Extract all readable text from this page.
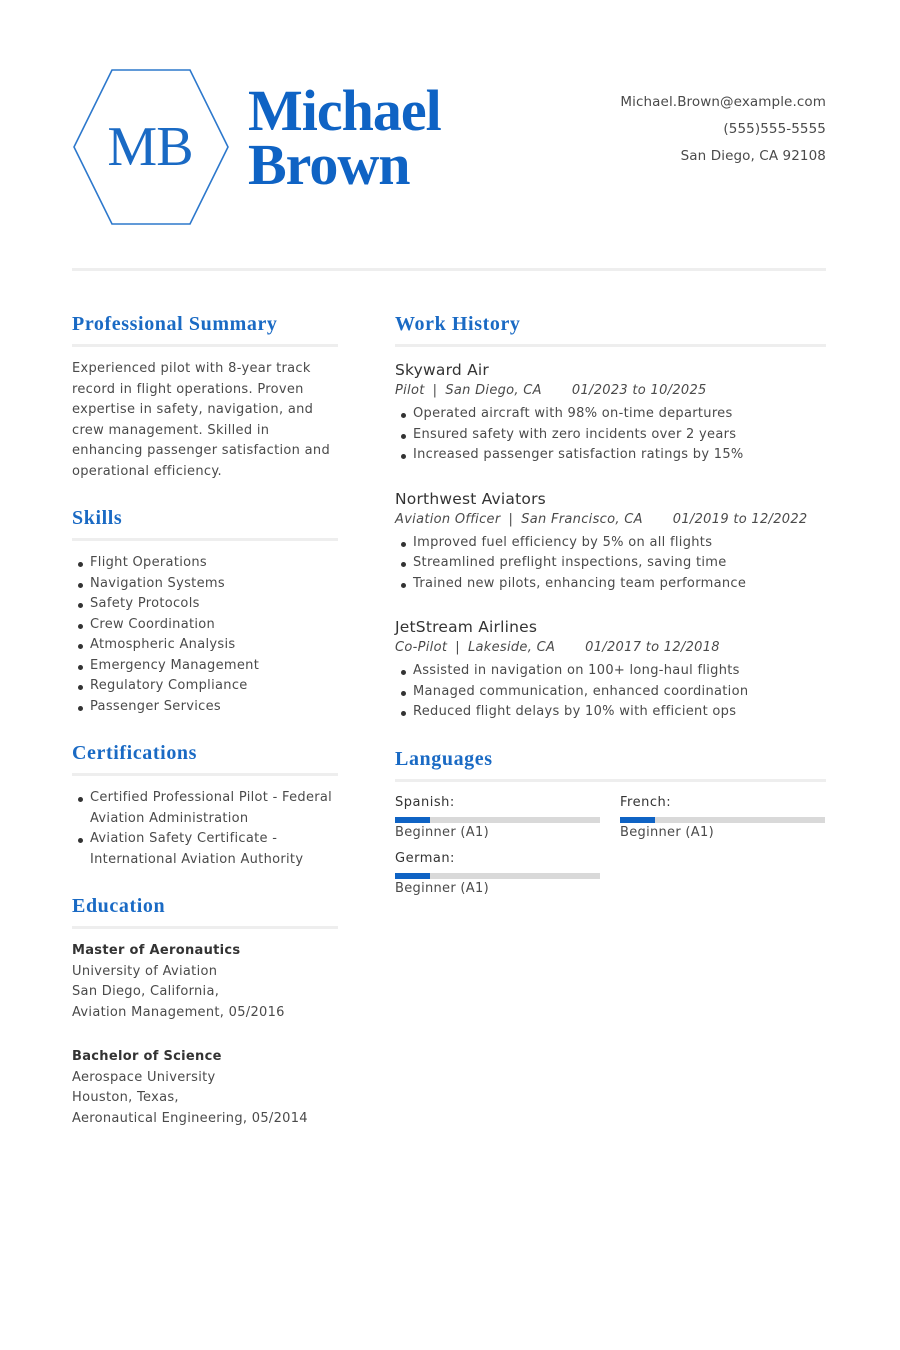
MB
Michael
Brown
Michael.Brown@example.com
(555)555-5555
San Diego, CA 92108
Professional Summary
Experienced pilot with 8-year track record in flight operations. Proven expertise in safety, navigation, and crew management. Skilled in enhancing passenger satisfaction and operational efficiency.
Skills
Flight Operations
Navigation Systems
Safety Protocols
Crew Coordination
Atmospheric Analysis
Emergency Management
Regulatory Compliance
Passenger Services
Certifications
Certified Professional Pilot - Federal Aviation Administration
Aviation Safety Certificate - International Aviation Authority
Education
Master of Aeronautics
University of Aviation
San Diego, California,
Aviation Management, 05/2016
Bachelor of Science
Aerospace University
Houston, Texas,
Aeronautical Engineering, 05/2014
Work History
Skyward Air
Pilot | San Diego, CA 01/2023 to 10/2025
Operated aircraft with 98% on-time departures
Ensured safety with zero incidents over 2 years
Increased passenger satisfaction ratings by 15%
Northwest Aviators
Aviation Officer | San Francisco, CA 01/2019 to 12/2022
Improved fuel efficiency by 5% on all flights
Streamlined preflight inspections, saving time
Trained new pilots, enhancing team performance
JetStream Airlines
Co-Pilot | Lakeside, CA 01/2017 to 12/2018
Assisted in navigation on 100+ long-haul flights
Managed communication, enhanced coordination
Reduced flight delays by 10% with efficient ops
Languages
Spanish:
Beginner (A1)
French:
Beginner (A1)
German:
Beginner (A1)
